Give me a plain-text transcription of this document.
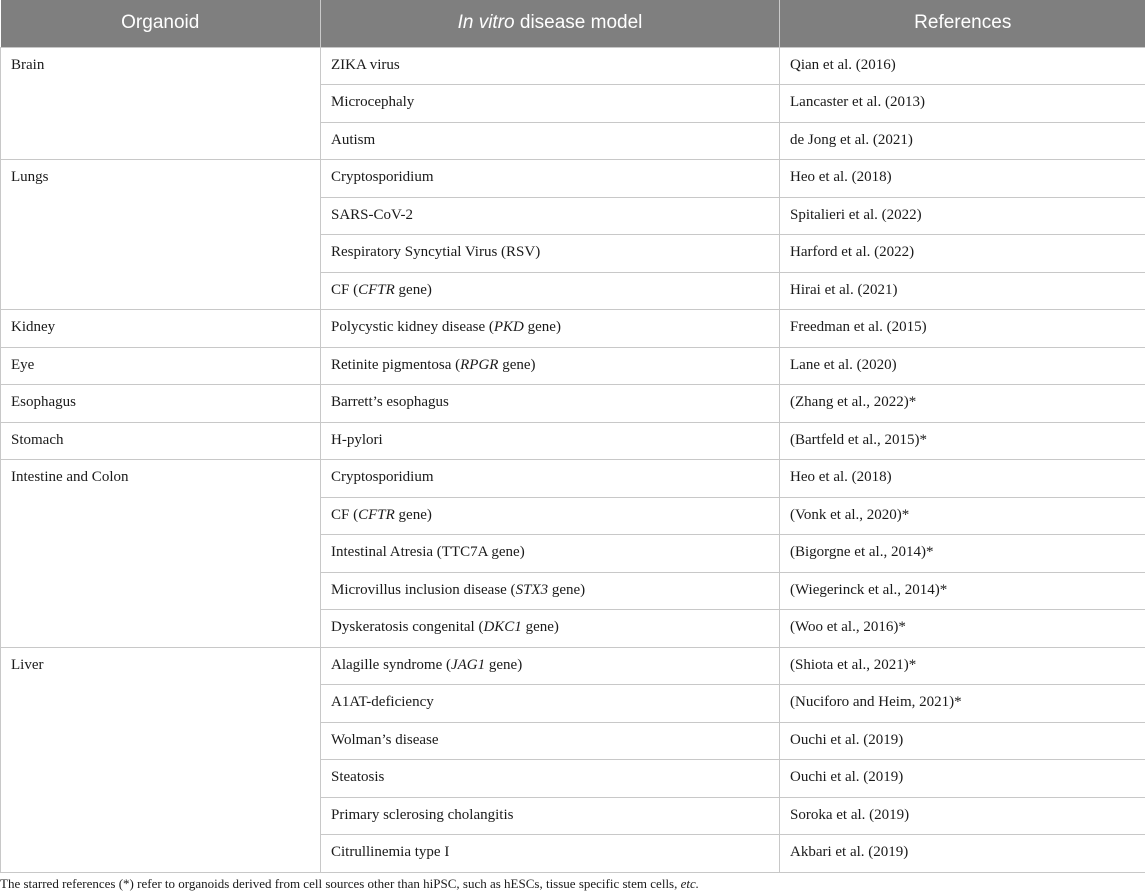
Organoid	In vitro disease model	References
Brain	ZIKA virus	Qian et al. (2016)
	Microcephaly	Lancaster et al. (2013)
	Autism	de Jong et al. (2021)
Lungs	Cryptosporidium	Heo et al. (2018)
	SARS-CoV-2	Spitalieri et al. (2022)
	Respiratory Syncytial Virus (RSV)	Harford et al. (2022)
	CF (CFTR gene)	Hirai et al. (2021)
Kidney	Polycystic kidney disease (PKD gene)	Freedman et al. (2015)
Eye	Retinite pigmentosa (RPGR gene)	Lane et al. (2020)
Esophagus	Barrett’s esophagus	(Zhang et al., 2022)*
Stomach	H-pylori	(Bartfeld et al., 2015)*
Intestine and Colon	Cryptosporidium	Heo et al. (2018)
	CF (CFTR gene)	(Vonk et al., 2020)*
	Intestinal Atresia (TTC7A gene)	(Bigorgne et al., 2014)*
	Microvillus inclusion disease (STX3 gene)	(Wiegerinck et al., 2014)*
	Dyskeratosis congenital (DKC1 gene)	(Woo et al., 2016)*
Liver	Alagille syndrome (JAG1 gene)	(Shiota et al., 2021)*
	A1AT-deficiency	(Nuciforo and Heim, 2021)*
	Wolman’s disease	Ouchi et al. (2019)
	Steatosis	Ouchi et al. (2019)
	Primary sclerosing cholangitis	Soroka et al. (2019)
	Citrullinemia type I	Akbari et al. (2019)
The starred references (*) refer to organoids derived from cell sources other than hiPSC, such as hESCs, tissue specific stem cells, etc.
